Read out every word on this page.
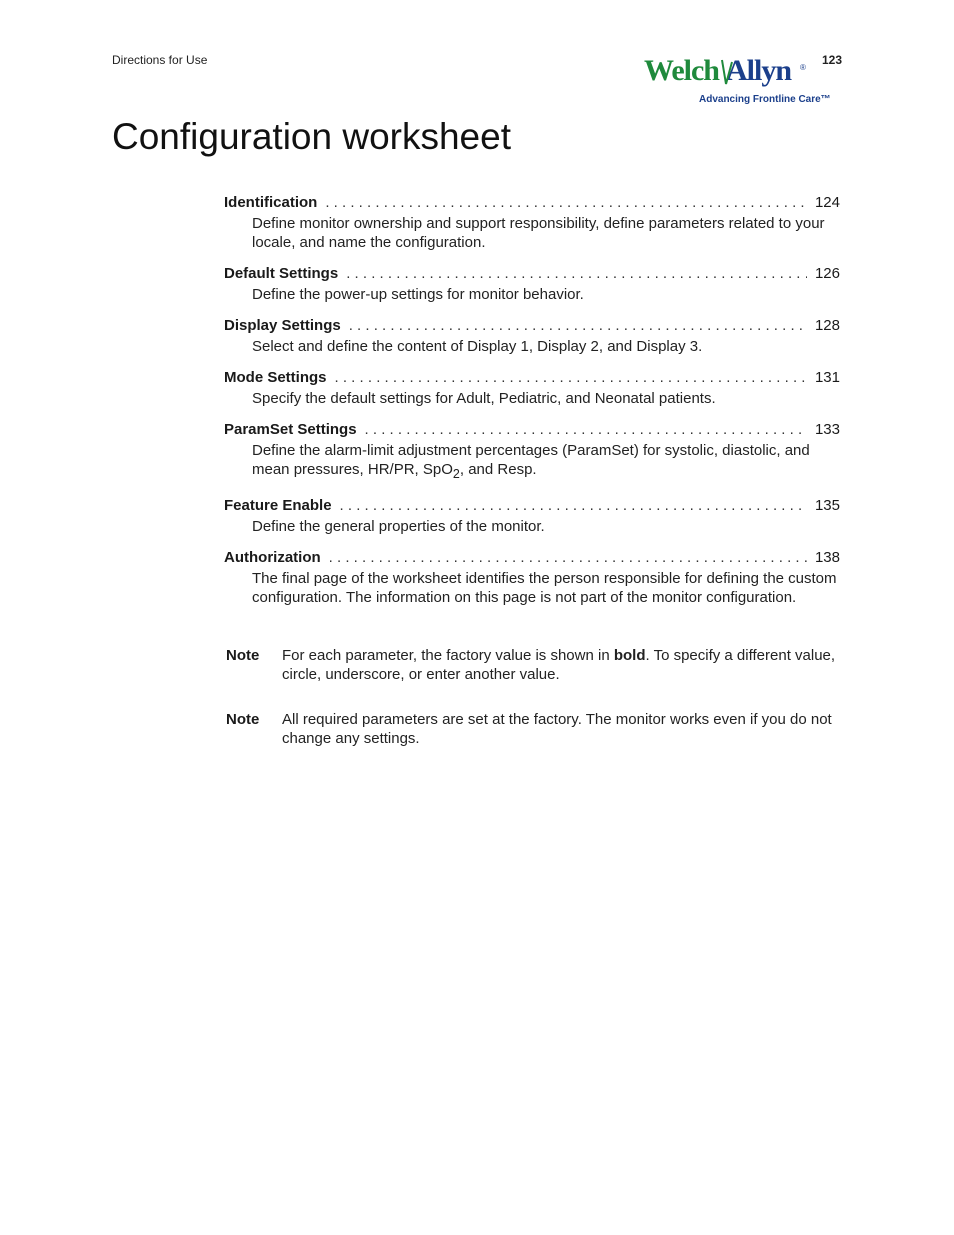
Directions for Use	Welch Allyn ®
123
Advancing Frontline Care™
Configuration worksheet
Identification . . .	124
Define monitor ownership and support responsibility, define parameters related to your locale, and name the configuration.
Default Settings . . .	126
Define the power-up settings for monitor behavior.
Display Settings . . .	128
Select and define the content of Display 1, Display 2, and Display 3.
Mode Settings . . .	131
Specify the default settings for Adult, Pediatric, and Neonatal patients.
ParamSet Settings . . .	133
Define the alarm-limit adjustment percentages (ParamSet) for systolic, diastolic, and mean pressures, HR/PR, SpO$_2$, and Resp.
Feature Enable . . .	135
Define the general properties of the monitor.
Authorization . . .	138
The final page of the worksheet identifies the person responsible for defining the custom configuration. The information on this page is not part of the monitor configuration.
Note	For each parameter, the factory value is shown in bold. To specify a different value, circle, underscore, or enter another value.
Note	All required parameters are set at the factory. The monitor works even if you do not change any settings.
